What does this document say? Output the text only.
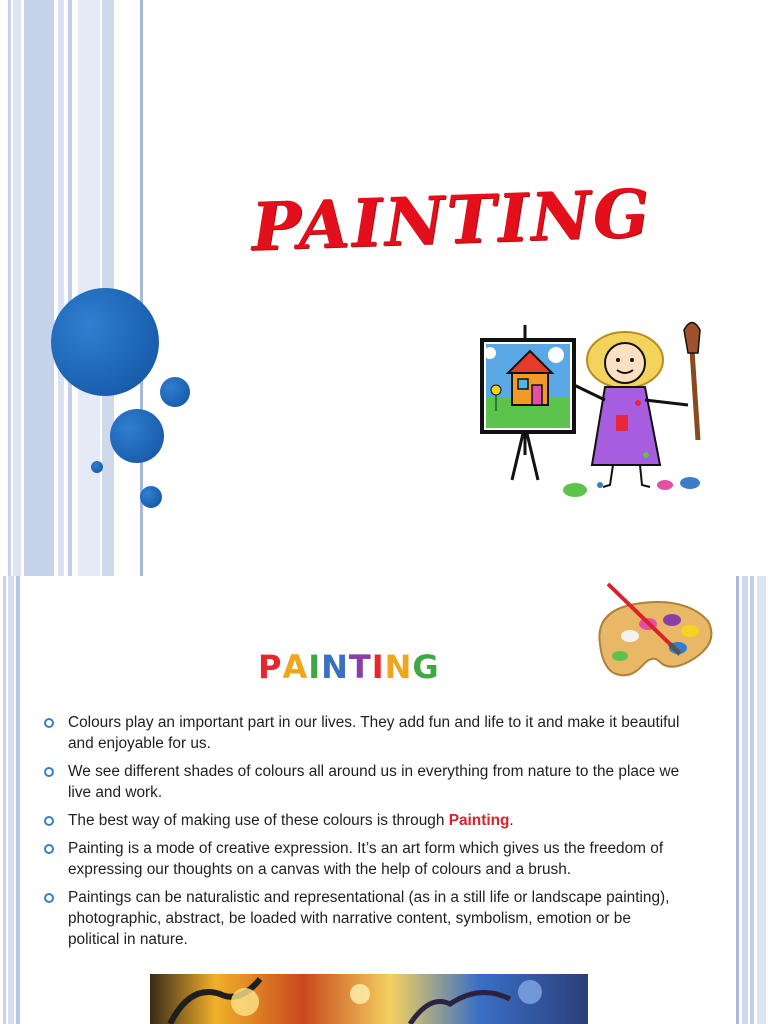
PAINTING
PAINTING
Colours play an important part in our lives. They add fun and life to it and make it beautiful and enjoyable for us.
We see different shades of colours all around us in everything from nature to the place we live and work.
The best way of making use of these colours is through Painting.
Painting is a mode of creative expression. It’s an art form which gives us the freedom of expressing our thoughts on a canvas with the help of colours and a brush.
Paintings can be naturalistic and representational (as in a still life or landscape painting), photographic, abstract, be loaded with narrative content, symbolism, emotion or be political in nature.
